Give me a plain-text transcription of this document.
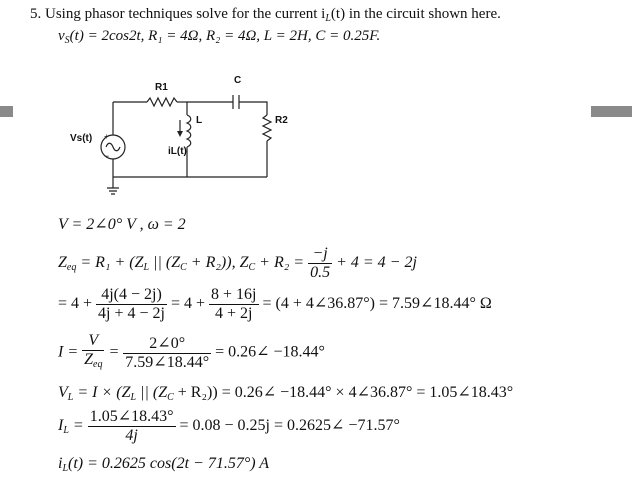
5. Using phasor techniques solve for the current $i_L(t)$ in the circuit shown here.
$v_S(t) = 2\cos 2t$, R₁ = 4Ω, R₂ = 4Ω, L = 2H, C = 0.25F.
+
−
R1
C
L	R2
Vs(t)
iL(t)
V = 2∠0° V , ω = 2
$Z_{eq} = R_1 + (Z_L$ || $(Z_C + R_2)$), $Z_C + R_2 = \frac{-j}{0.5} + 4 = 4 - 2j$
= $4 + \frac{4j(4 - 2j)}{4j + 4 - 2j} = 4 + \frac{8 + 16j}{4 + 2j} = (4$ + 4∠36.87°) = 7.59∠18.44° Ω
$I = \frac{V}{Z_{eq}} = \frac{2\angle 0^\circ}{7.59\angle 18.44^\circ}$ = 0.26∠ −18.44°
$V_L = I \times (Z_L$ || $(Z_C + R_2)$) = 0.26∠ −18.44° × 4∠36.87° = 1.05∠18.43°
$I_L = \frac{1.05\angle 18.43^\circ}{4j} = 0.08 - 0.25j$ = 0.2625∠ −71.57°
$i_L(t) = 0.2625$ cos(2t − 71.57°) A
